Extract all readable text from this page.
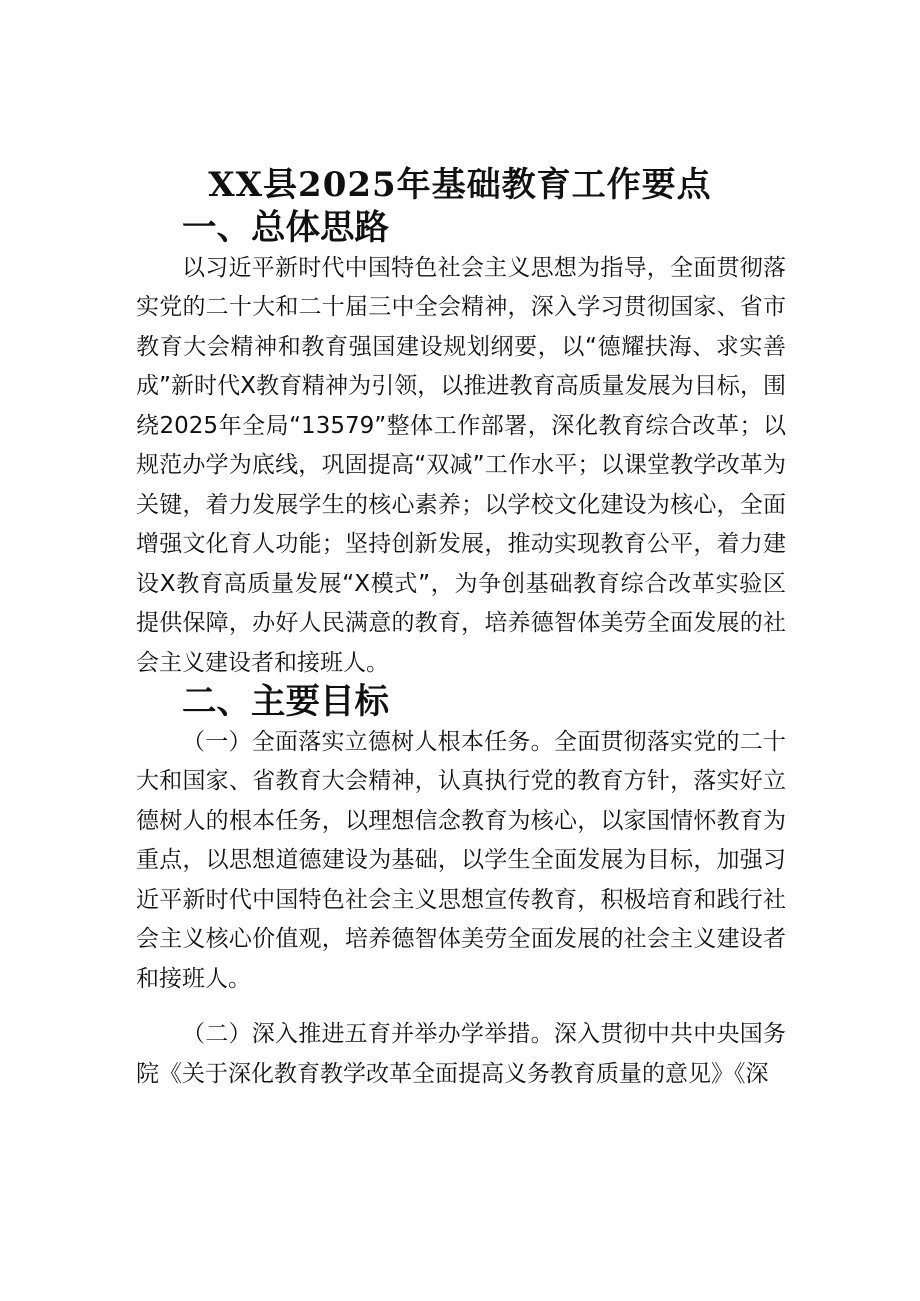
XX县2025年基础教育工作要点
一、总体思路

以习近平新时代中国特色社会主义思想为指导，全面贯彻落实党的二十大和二十届三中全会精神，深入学习贯彻国家、省市教育大会精神和教育强国建设规划纲要，以“德耀扶海、求实善成”新时代X教育精神为引领，以推进教育高质量发展为目标，围绕2025年全局“13579”整体工作部署，深化教育综合改革；以规范办学为底线，巩固提高“双减”工作水平；以课堂教学改革为关键，着力发展学生的核心素养；以学校文化建设为核心，全面增强文化育人功能；坚持创新发展，推动实现教育公平，着力建设X教育高质量发展“X模式”，为争创基础教育综合改革实验区提供保障，办好人民满意的教育，培养德智体美劳全面发展的社会主义建设者和接班人。

二、主要目标

（一）全面落实立德树人根本任务。全面贯彻落实党的二十大和国家、省教育大会精神，认真执行党的教育方针，落实好立德树人的根本任务，以理想信念教育为核心，以家国情怀教育为重点，以思想道德建设为基础，以学生全面发展为目标，加强习近平新时代中国特色社会主义思想宣传教育，积极培育和践行社会主义核心价值观，培养德智体美劳全面发展的社会主义建设者和接班人。

（二）深入推进五育并举办学举措。深入贯彻中共中央国务院《关于深化教育教学改革全面提高义务教育质量的意见》《深
